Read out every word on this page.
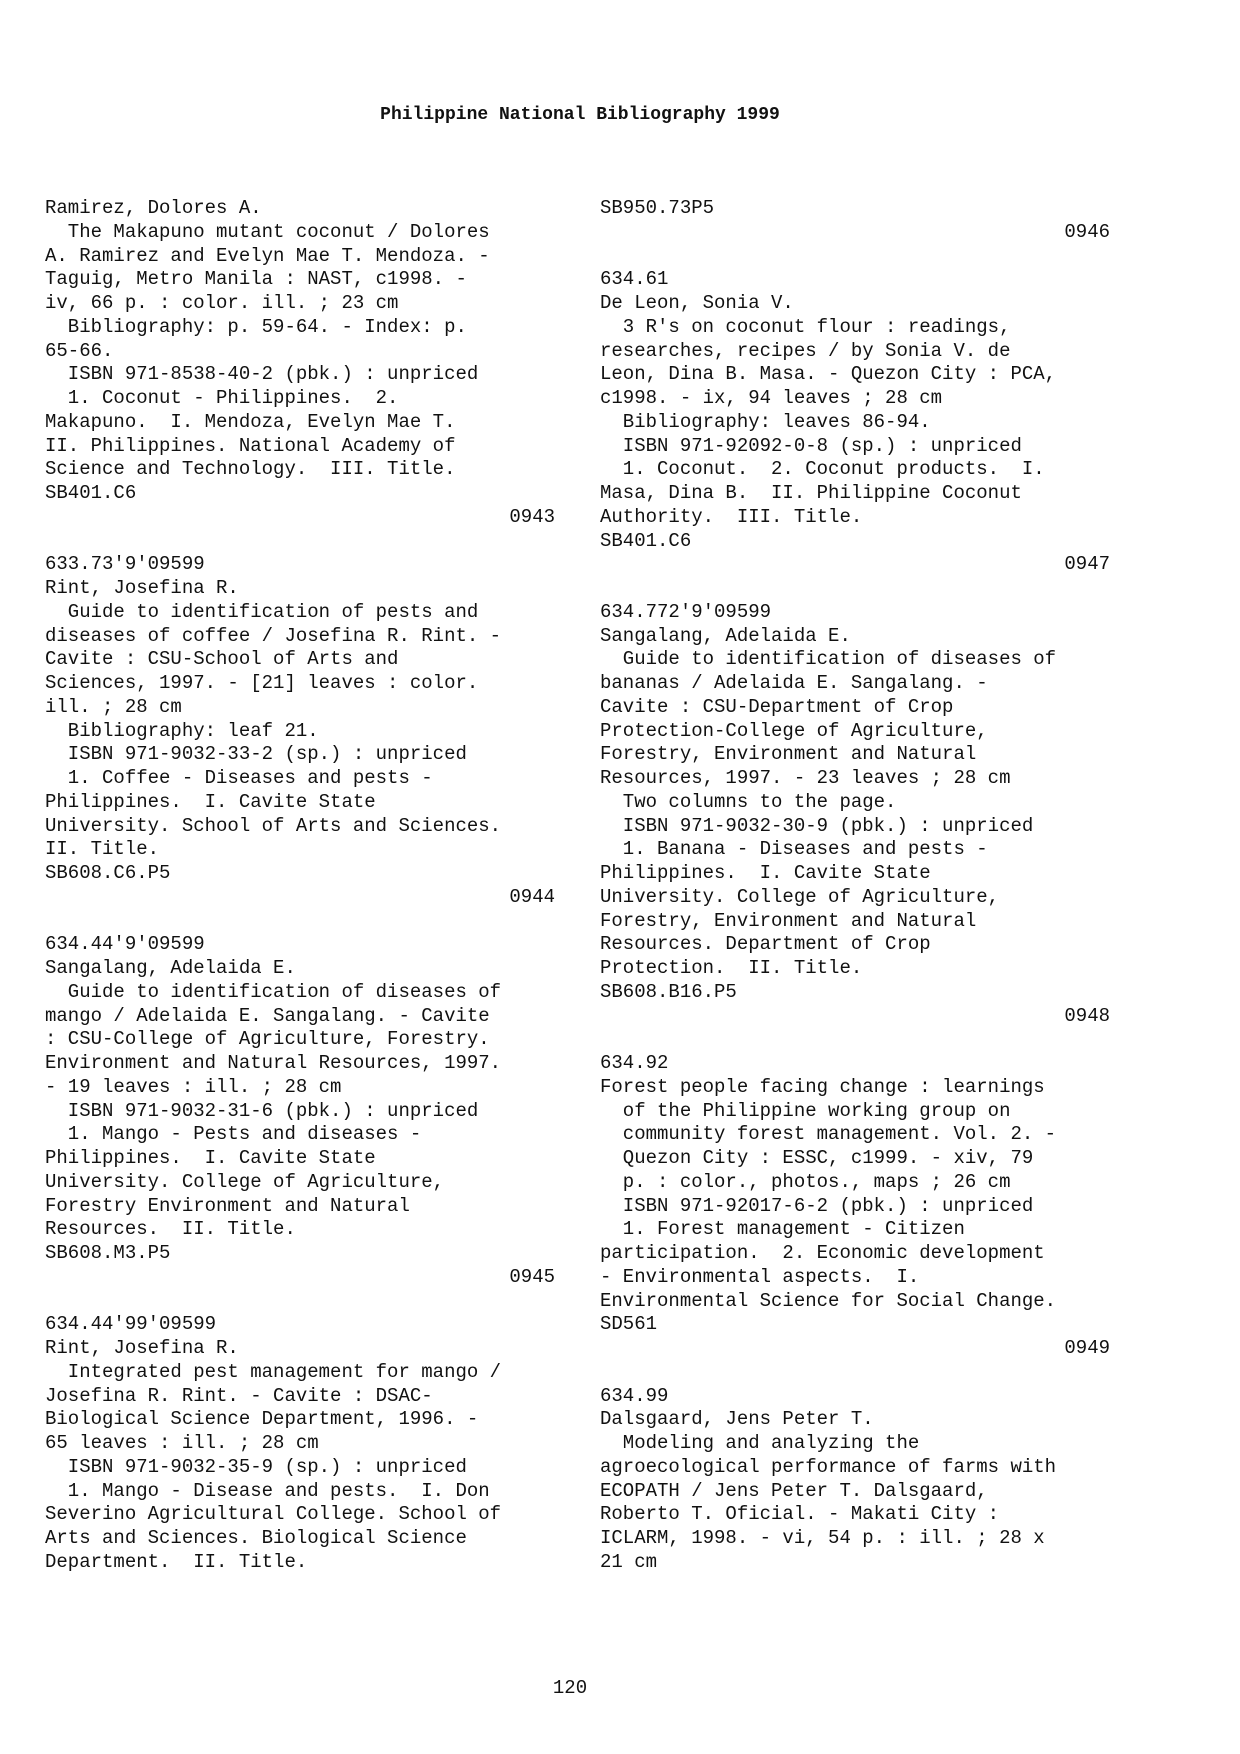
Philippine National Bibliography 1999
Ramirez, Dolores A.
The Makapuno mutant coconut / Dolores
A. Ramirez and Evelyn Mae T. Mendoza. -
Taguig, Metro Manila : NAST, c1998. -
iv, 66 p. : color. ill. ; 23 cm
Bibliography: p. 59-64. - Index: p.
65-66.
ISBN 971-8538-40-2 (pbk.) : unpriced
1. Coconut - Philippines.  2.
Makapuno.  I. Mendoza, Evelyn Mae T.
II. Philippines. National Academy of
Science and Technology.  III. Title.
SB401.C6
0943
633.73'9'09599
Rint, Josefina R.
Guide to identification of pests and
diseases of coffee / Josefina R. Rint. -
Cavite : CSU-School of Arts and
Sciences, 1997. - [21] leaves : color.
ill. ; 28 cm
Bibliography: leaf 21.
ISBN 971-9032-33-2 (sp.) : unpriced
1. Coffee - Diseases and pests -
Philippines.  I. Cavite State
University. School of Arts and Sciences.
II. Title.
SB608.C6.P5
0944
634.44'9'09599
Sangalang, Adelaida E.
Guide to identification of diseases of
mango / Adelaida E. Sangalang. - Cavite
: CSU-College of Agriculture, Forestry.
Environment and Natural Resources, 1997.
- 19 leaves : ill. ; 28 cm
ISBN 971-9032-31-6 (pbk.) : unpriced
1. Mango - Pests and diseases -
Philippines.  I. Cavite State
University. College of Agriculture,
Forestry Environment and Natural
Resources.  II. Title.
SB608.M3.P5
0945
634.44'99'09599
Rint, Josefina R.
Integrated pest management for mango /
Josefina R. Rint. - Cavite : DSAC-
Biological Science Department, 1996. -
65 leaves : ill. ; 28 cm
ISBN 971-9032-35-9 (sp.) : unpriced
1. Mango - Disease and pests.  I. Don
Severino Agricultural College. School of
Arts and Sciences. Biological Science
Department.  II. Title.
SB950.73P5
0946
634.61
De Leon, Sonia V.
3 R's on coconut flour : readings,
researches, recipes / by Sonia V. de
Leon, Dina B. Masa. - Quezon City : PCA,
c1998. - ix, 94 leaves ; 28 cm
Bibliography: leaves 86-94.
ISBN 971-92092-0-8 (sp.) : unpriced
1. Coconut.  2. Coconut products.  I.
Masa, Dina B.  II. Philippine Coconut
Authority.  III. Title.
SB401.C6
0947
634.772'9'09599
Sangalang, Adelaida E.
Guide to identification of diseases of
bananas / Adelaida E. Sangalang. -
Cavite : CSU-Department of Crop
Protection-College of Agriculture,
Forestry, Environment and Natural
Resources, 1997. - 23 leaves ; 28 cm
Two columns to the page.
ISBN 971-9032-30-9 (pbk.) : unpriced
1. Banana - Diseases and pests -
Philippines.  I. Cavite State
University. College of Agriculture,
Forestry, Environment and Natural
Resources. Department of Crop
Protection.  II. Title.
SB608.B16.P5
0948
634.92
Forest people facing change : learnings
of the Philippine working group on
community forest management. Vol. 2. -
Quezon City : ESSC, c1999. - xiv, 79
p. : color., photos., maps ; 26 cm
ISBN 971-92017-6-2 (pbk.) : unpriced
1. Forest management - Citizen
participation.  2. Economic development
- Environmental aspects.  I.
Environmental Science for Social Change.
SD561
0949
634.99
Dalsgaard, Jens Peter T.
Modeling and analyzing the
agroecological performance of farms with
ECOPATH / Jens Peter T. Dalsgaard,
Roberto T. Oficial. - Makati City :
ICLARM, 1998. - vi, 54 p. : ill. ; 28 x
21 cm
120
